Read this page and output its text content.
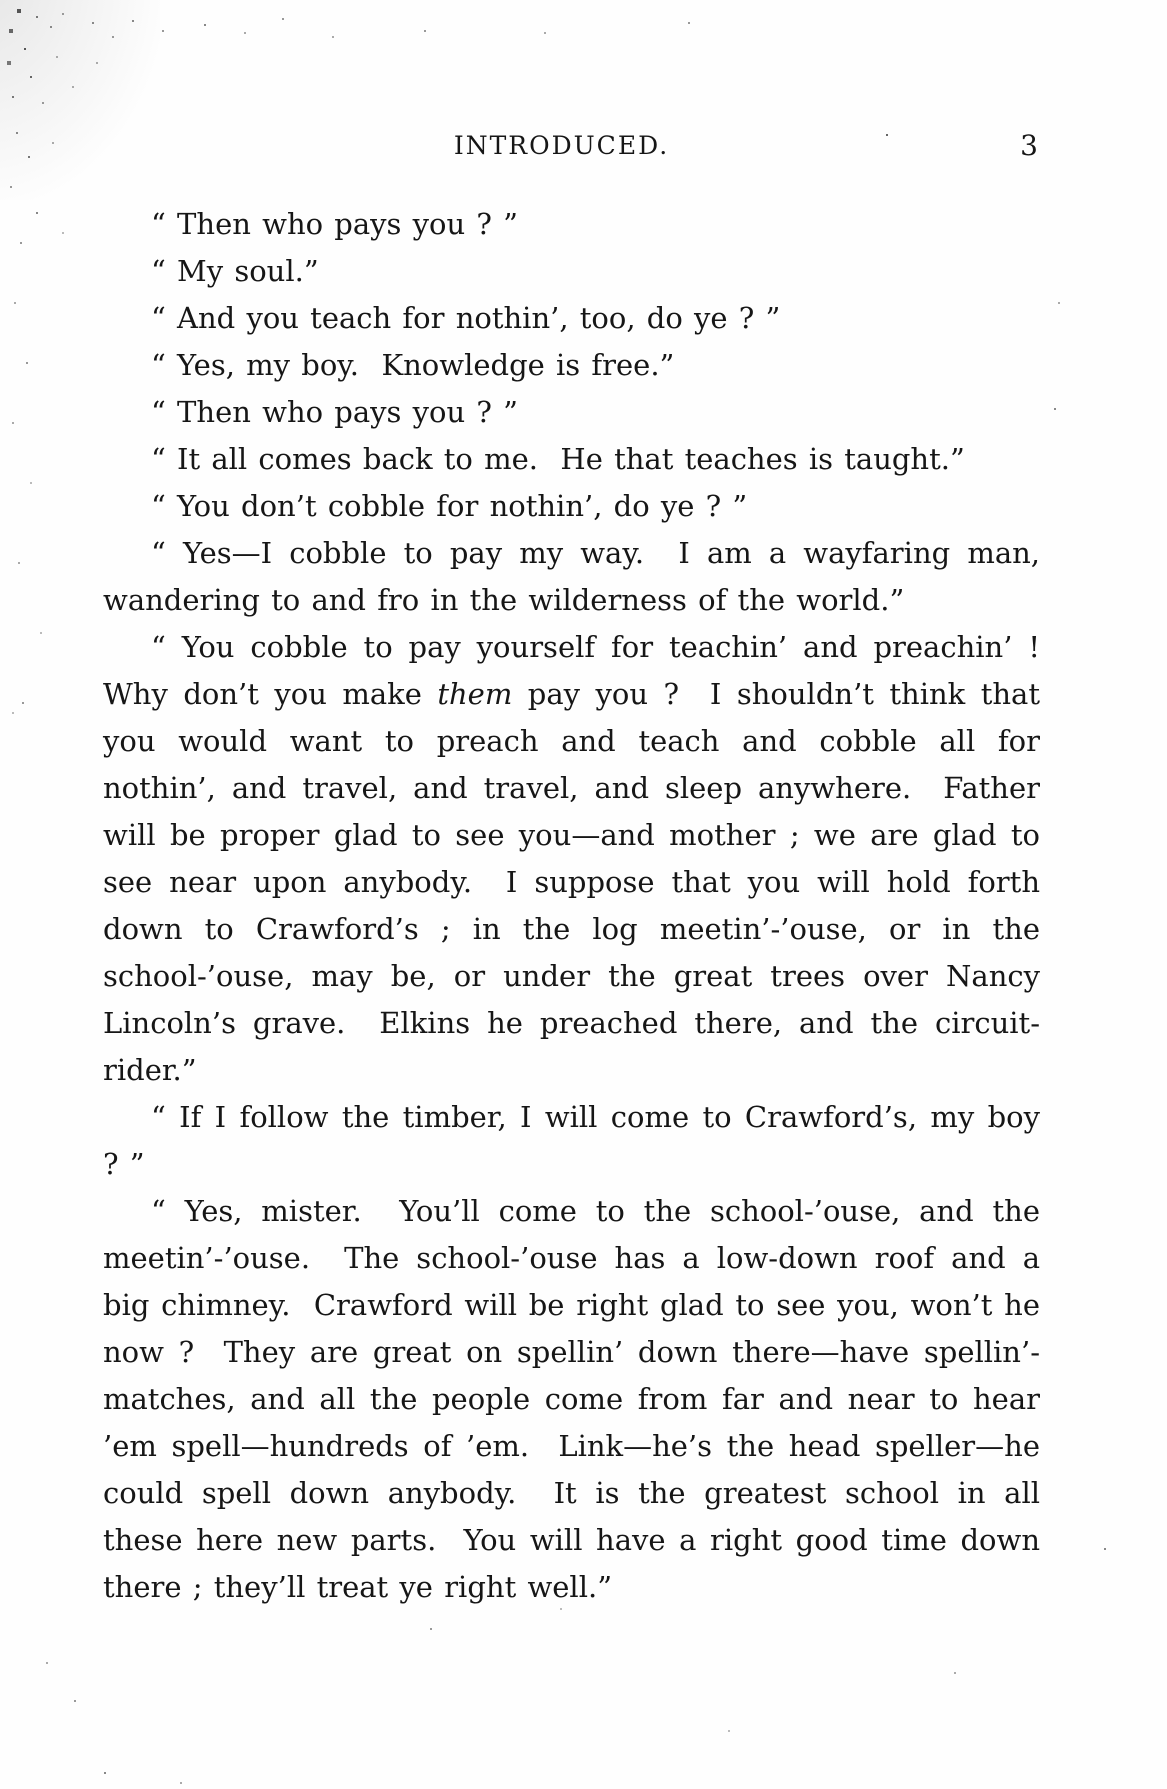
INTRODUCED.	3

“ Then who pays you ? ”

“ My soul.”

“ And you teach for nothin’, too, do ye ? ”

“ Yes, my boy.  Knowledge is free.”

“ Then who pays you ? ”

“ It all comes back to me.  He that teaches is taught.”

“ You don’t cobble for nothin’, do ye ? ”

“ Yes—I cobble to pay my way.  I am a wayfaring man, wandering to and fro in the wilderness of the world.”

“ You cobble to pay yourself for teachin’ and preachin’ ! Why don’t you make them pay you ?  I shouldn’t think that you would want to preach and teach and cobble all for nothin’, and travel, and travel, and sleep anywhere.  Father will be proper glad to see you—and mother ; we are glad to see near upon anybody.  I suppose that you will hold forth down to Crawford’s ; in the log meetin’-’ouse, or in the school-’ouse, may be, or under the great trees over Nancy Lincoln’s grave.  Elkins he preached there, and the circuit-rider.”

“ If I follow the timber, I will come to Crawford’s, my boy ? ”

“ Yes, mister.  You’ll come to the school-’ouse, and the meetin’-’ouse.  The school-’ouse has a low-down roof and a big chimney.  Crawford will be right glad to see you, won’t he now ?  They are great on spellin’ down there—have spellin’-matches, and all the people come from far and near to hear ’em spell—hundreds of ’em.  Link—he’s the head speller—he could spell down anybody.  It is the greatest school in all these here new parts.  You will have a right good time down there ; they’ll treat ye right well.”
